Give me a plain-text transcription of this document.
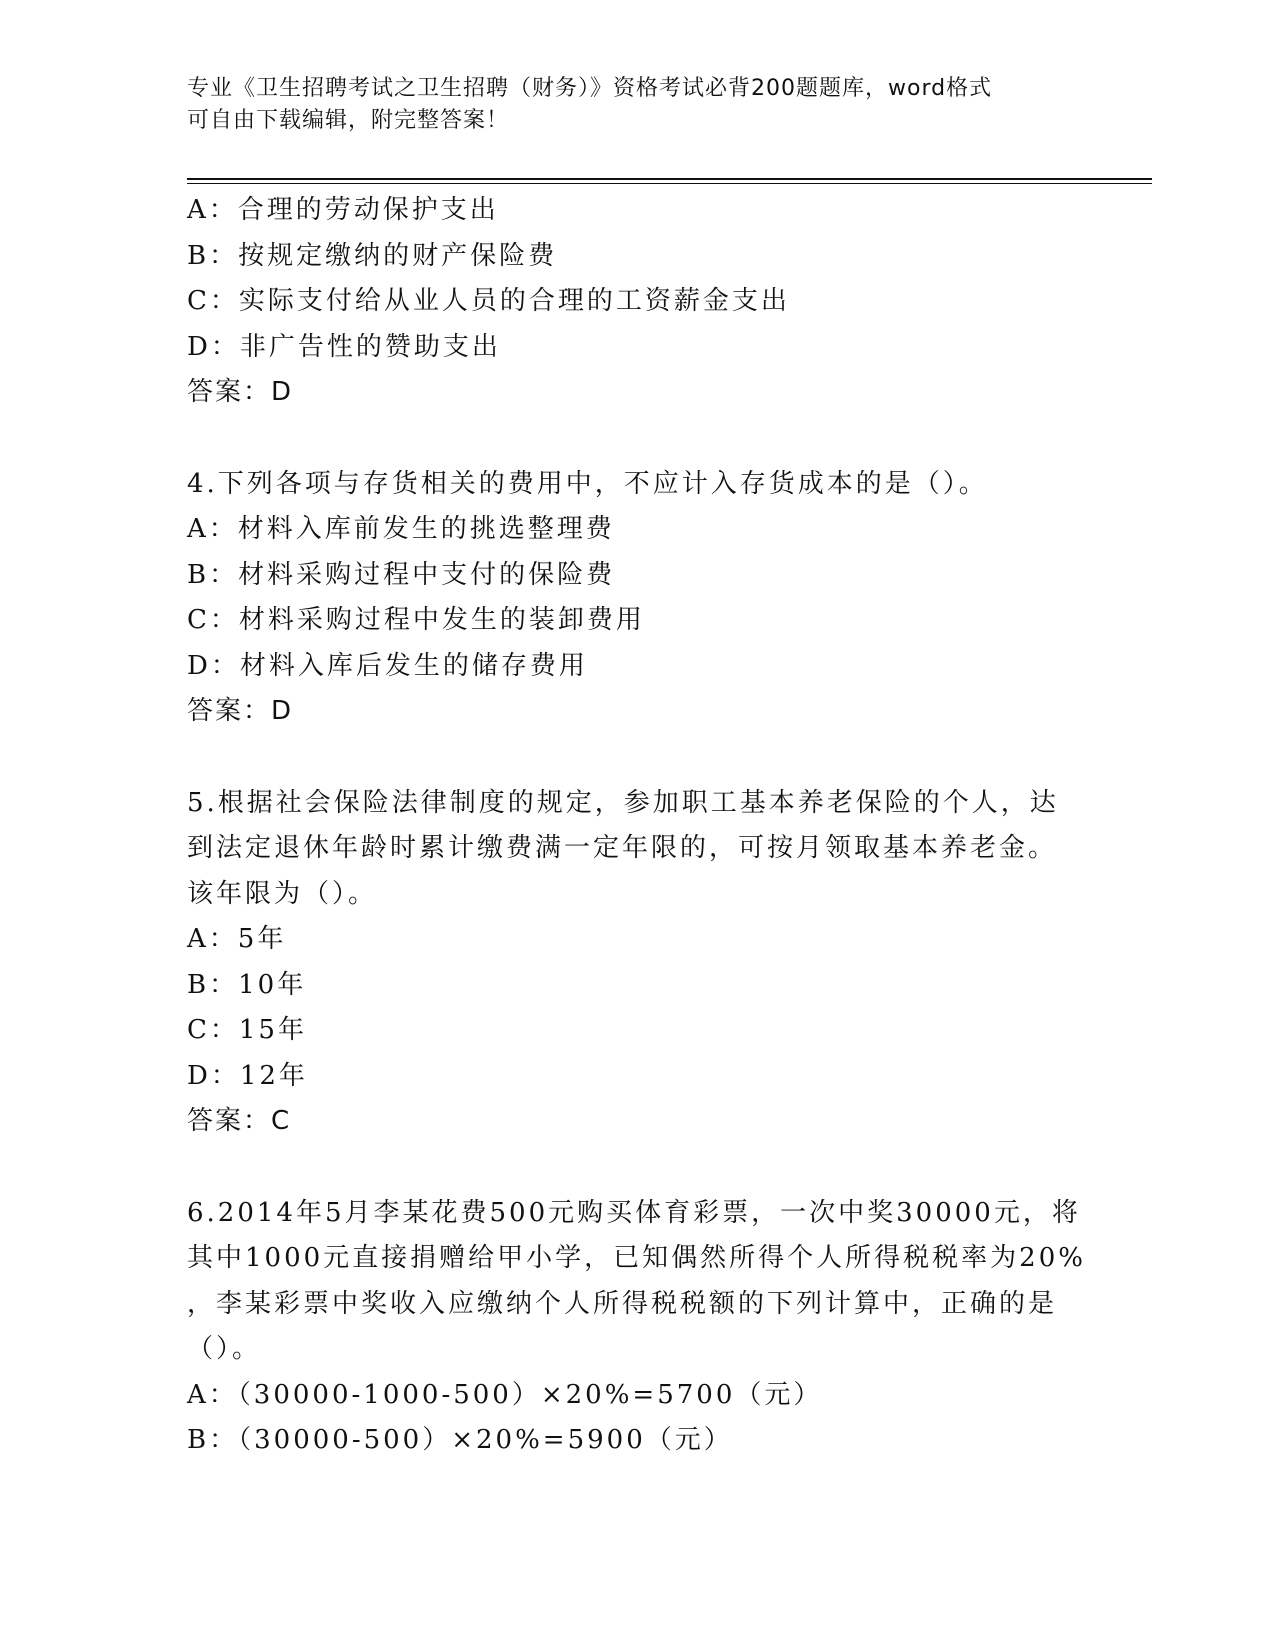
专业《卫生招聘考试之卫生招聘（财务）》资格考试必背200题题库，word格式
可自由下载编辑，附完整答案！
A：合理的劳动保护支出
B：按规定缴纳的财产保险费
C：实际支付给从业人员的合理的工资薪金支出
D：非广告性的赞助支出
答案：D
4.下列各项与存货相关的费用中，不应计入存货成本的是（）。
A：材料入库前发生的挑选整理费
B：材料采购过程中支付的保险费
C：材料采购过程中发生的装卸费用
D：材料入库后发生的储存费用
答案：D
5.根据社会保险法律制度的规定，参加职工基本养老保险的个人，达
到法定退休年龄时累计缴费满一定年限的，可按月领取基本养老金。
该年限为（）。
A：5年
B：10年
C：15年
D：12年
答案：C
6.2014年5月李某花费500元购买体育彩票，一次中奖30000元，将
其中1000元直接捐赠给甲小学，已知偶然所得个人所得税税率为20%
，李某彩票中奖收入应缴纳个人所得税税额的下列计算中，正确的是
（）。
A：（30000-1000-500）×20%=5700（元）
B：（30000-500）×20%=5900（元）
